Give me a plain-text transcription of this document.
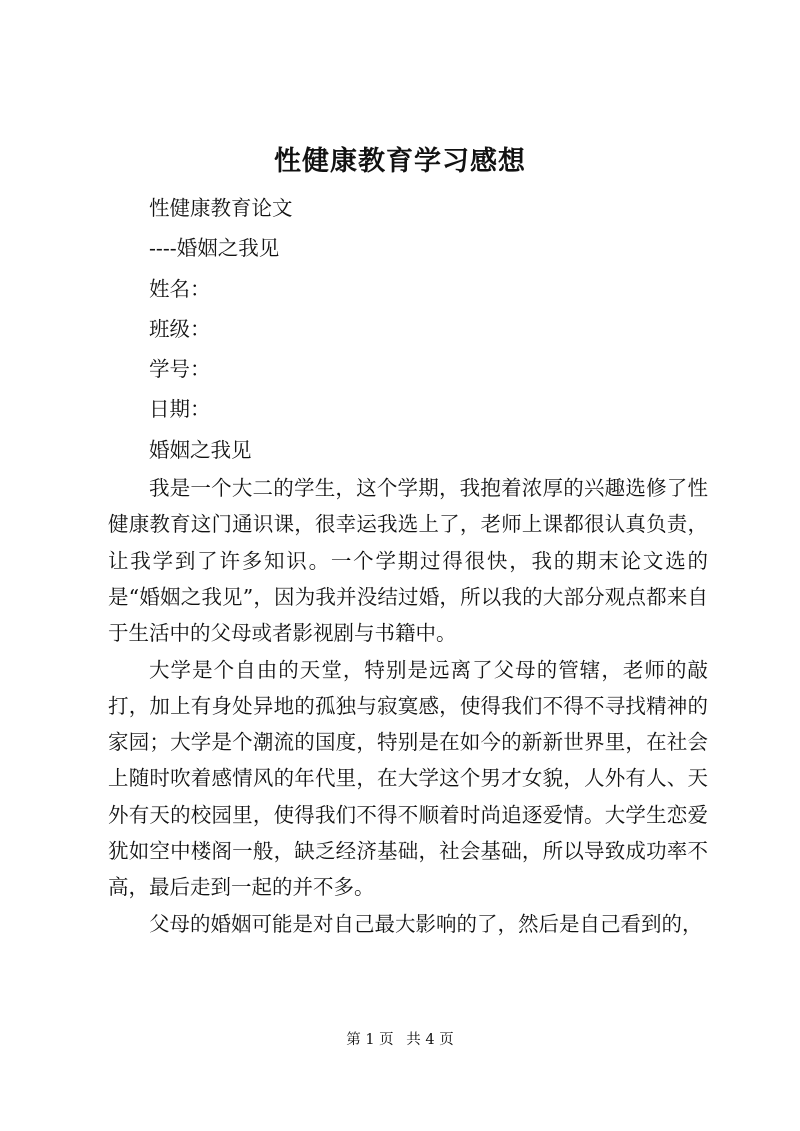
性健康教育学习感想

性健康教育论文

----婚姻之我见

姓名：

班级：

学号：

日期：

婚姻之我见

我是一个大二的学生，这个学期，我抱着浓厚的兴趣选修了性健康教育这门通识课，很幸运我选上了，老师上课都很认真负责，让我学到了许多知识。一个学期过得很快，我的期末论文选的是“婚姻之我见”，因为我并没结过婚，所以我的大部分观点都来自于生活中的父母或者影视剧与书籍中。

大学是个自由的天堂，特别是远离了父母的管辖，老师的敲打，加上有身处异地的孤独与寂寞感，使得我们不得不寻找精神的家园；大学是个潮流的国度，特别是在如今的新新世界里，在社会上随时吹着感情风的年代里，在大学这个男才女貌，人外有人、天外有天的校园里，使得我们不得不顺着时尚追逐爱情。大学生恋爱犹如空中楼阁一般，缺乏经济基础，社会基础，所以导致成功率不高，最后走到一起的并不多。

父母的婚姻可能是对自己最大影响的了，然后是自己看到的，

第 1 页 共 4 页
